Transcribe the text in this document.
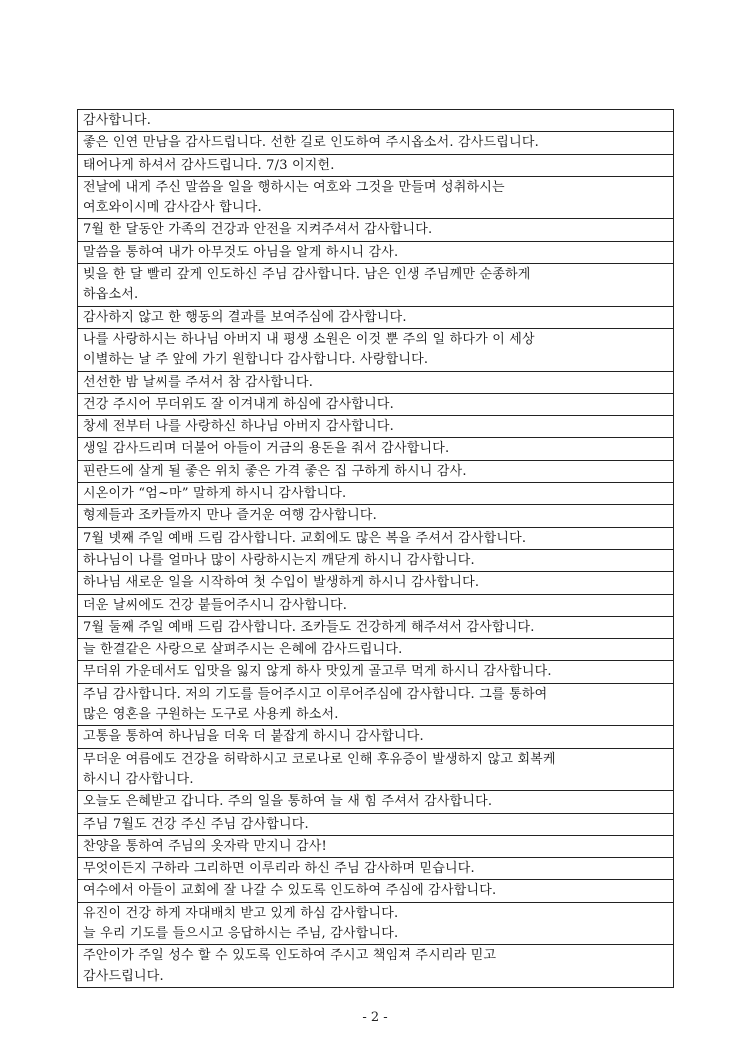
감사합니다.
좋은 인연 만남을 감사드립니다. 선한 길로 인도하여 주시옵소서. 감사드립니다.
태어나게 하셔서 감사드립니다. 7/3 이지헌.
전날에 내게 주신 말씀을 일을 행하시는 여호와 그것을 만들며 성취하시는
여호와이시메 감사감사 합니다.
7월 한 달동안 가족의 건강과 안전을 지켜주셔서 감사합니다.
말씀을 통하여 내가 아무것도 아님을 알게 하시니 감사.
빚을 한 달 빨리 갚게 인도하신 주님 감사합니다. 남은 인생 주님께만 순종하게
하옵소서.
감사하지 않고 한 행동의 결과를 보여주심에 감사합니다.
나를 사랑하시는 하나님 아버지 내 평생 소원은 이것 뿐 주의 일 하다가 이 세상
이별하는 날 주 앞에 가기 원합니다 감사합니다. 사랑합니다.
선선한 밤 날씨를 주셔서 참 감사합니다.
건강 주시어 무더위도 잘 이겨내게 하심에 감사합니다.
창세 전부터 나를 사랑하신 하나님 아버지 감사합니다.
생일 감사드리며 더불어 아들이 거금의 용돈을 줘서 감사합니다.
핀란드에 살게 될 좋은 위치 좋은 가격 좋은 집 구하게 하시니 감사.
시온이가 “엄~마” 말하게 하시니 감사합니다.
형제들과 조카들까지 만나 즐거운 여행 감사합니다.
7월 넷째 주일 예배 드림 감사합니다. 교회에도 많은 복을 주셔서 감사합니다.
하나님이 나를 얼마나 많이 사랑하시는지 깨닫게 하시니 감사합니다.
하나님 새로운 일을 시작하여 첫 수입이 발생하게 하시니 감사합니다.
더운 날씨에도 건강 붙들어주시니 감사합니다.
7월 둘째 주일 예배 드림 감사합니다. 조카들도 건강하게 해주셔서 감사합니다.
늘 한결같은 사랑으로 살펴주시는 은혜에 감사드립니다.
무더위 가운데서도 입맛을 잃지 않게 하사 맛있게 골고루 먹게 하시니 감사합니다.
주님 감사합니다. 저의 기도를 들어주시고 이루어주심에 감사합니다. 그를 통하여
많은 영혼을 구원하는 도구로 사용케 하소서.
고통을 통하여 하나님을 더욱 더 붙잡게 하시니 감사합니다.
무더운 여름에도 건강을 허락하시고 코로나로 인해 후유증이 발생하지 않고 회복케
하시니 감사합니다.
오늘도 은혜받고 갑니다. 주의 일을 통하여 늘 새 힘 주셔서 감사합니다.
주님 7월도 건강 주신 주님 감사합니다.
찬양을 통하여 주님의 옷자락 만지니 감사!
무엇이든지 구하라 그리하면 이루리라 하신 주님 감사하며 믿습니다.
여수에서 아들이 교회에 잘 나갈 수 있도록 인도하여 주심에 감사합니다.
유진이 건강 하게 자대배치 받고 있게 하심 감사합니다.
늘 우리 기도를 들으시고 응답하시는 주님, 감사합니다.
주안이가 주일 성수 할 수 있도록 인도하여 주시고 책임져 주시리라 믿고
감사드립니다.
- 2 -
